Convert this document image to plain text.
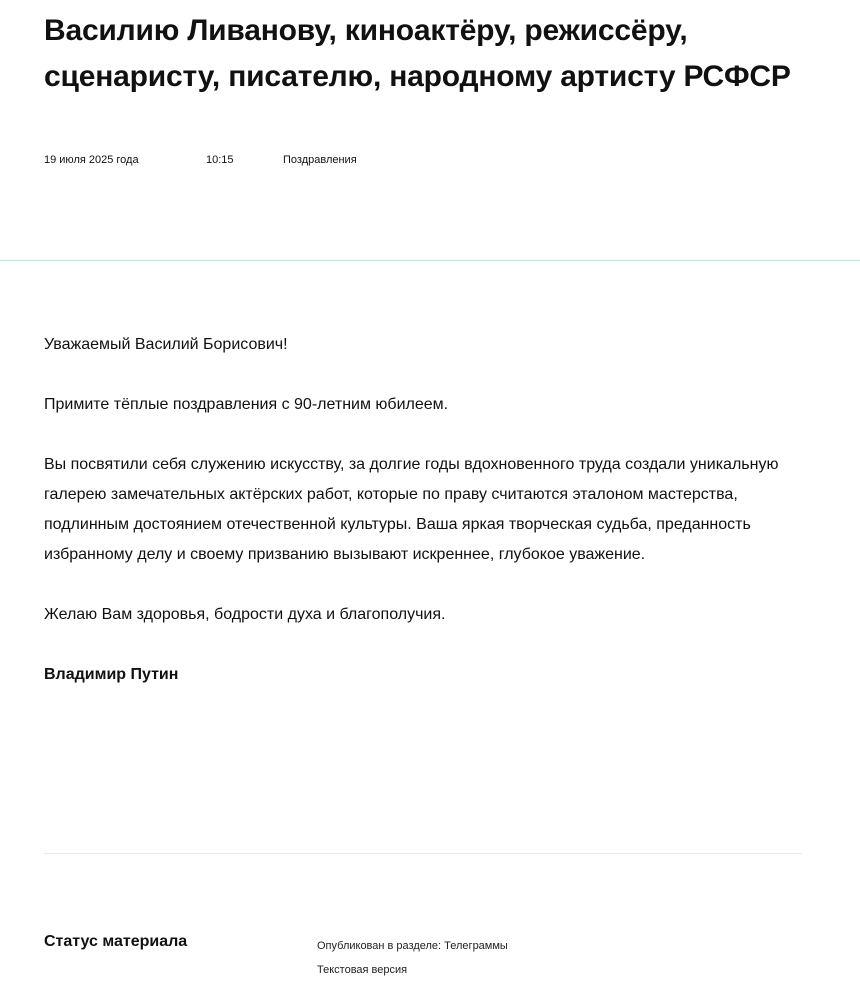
Василию Ливанову, киноактёру, режиссёру, сценаристу, писателю, народному артисту РСФСР
19 июля 2025 года	10:15	Поздравления

Уважаемый Василий Борисович!

Примите тёплые поздравления с 90-летним юбилеем.

Вы посвятили себя служению искусству, за долгие годы вдохновенного труда создали уникальную галерею замечательных актёрских работ, которые по праву считаются эталоном мастерства, подлинным достоянием отечественной культуры. Ваша яркая творческая судьба, преданность избранному делу и своему призванию вызывают искреннее, глубокое уважение.

Желаю Вам здоровья, бодрости духа и благополучия.

Владимир Путин

Статус материала	Опубликован в разделе: Телеграммы
Текстовая версия
